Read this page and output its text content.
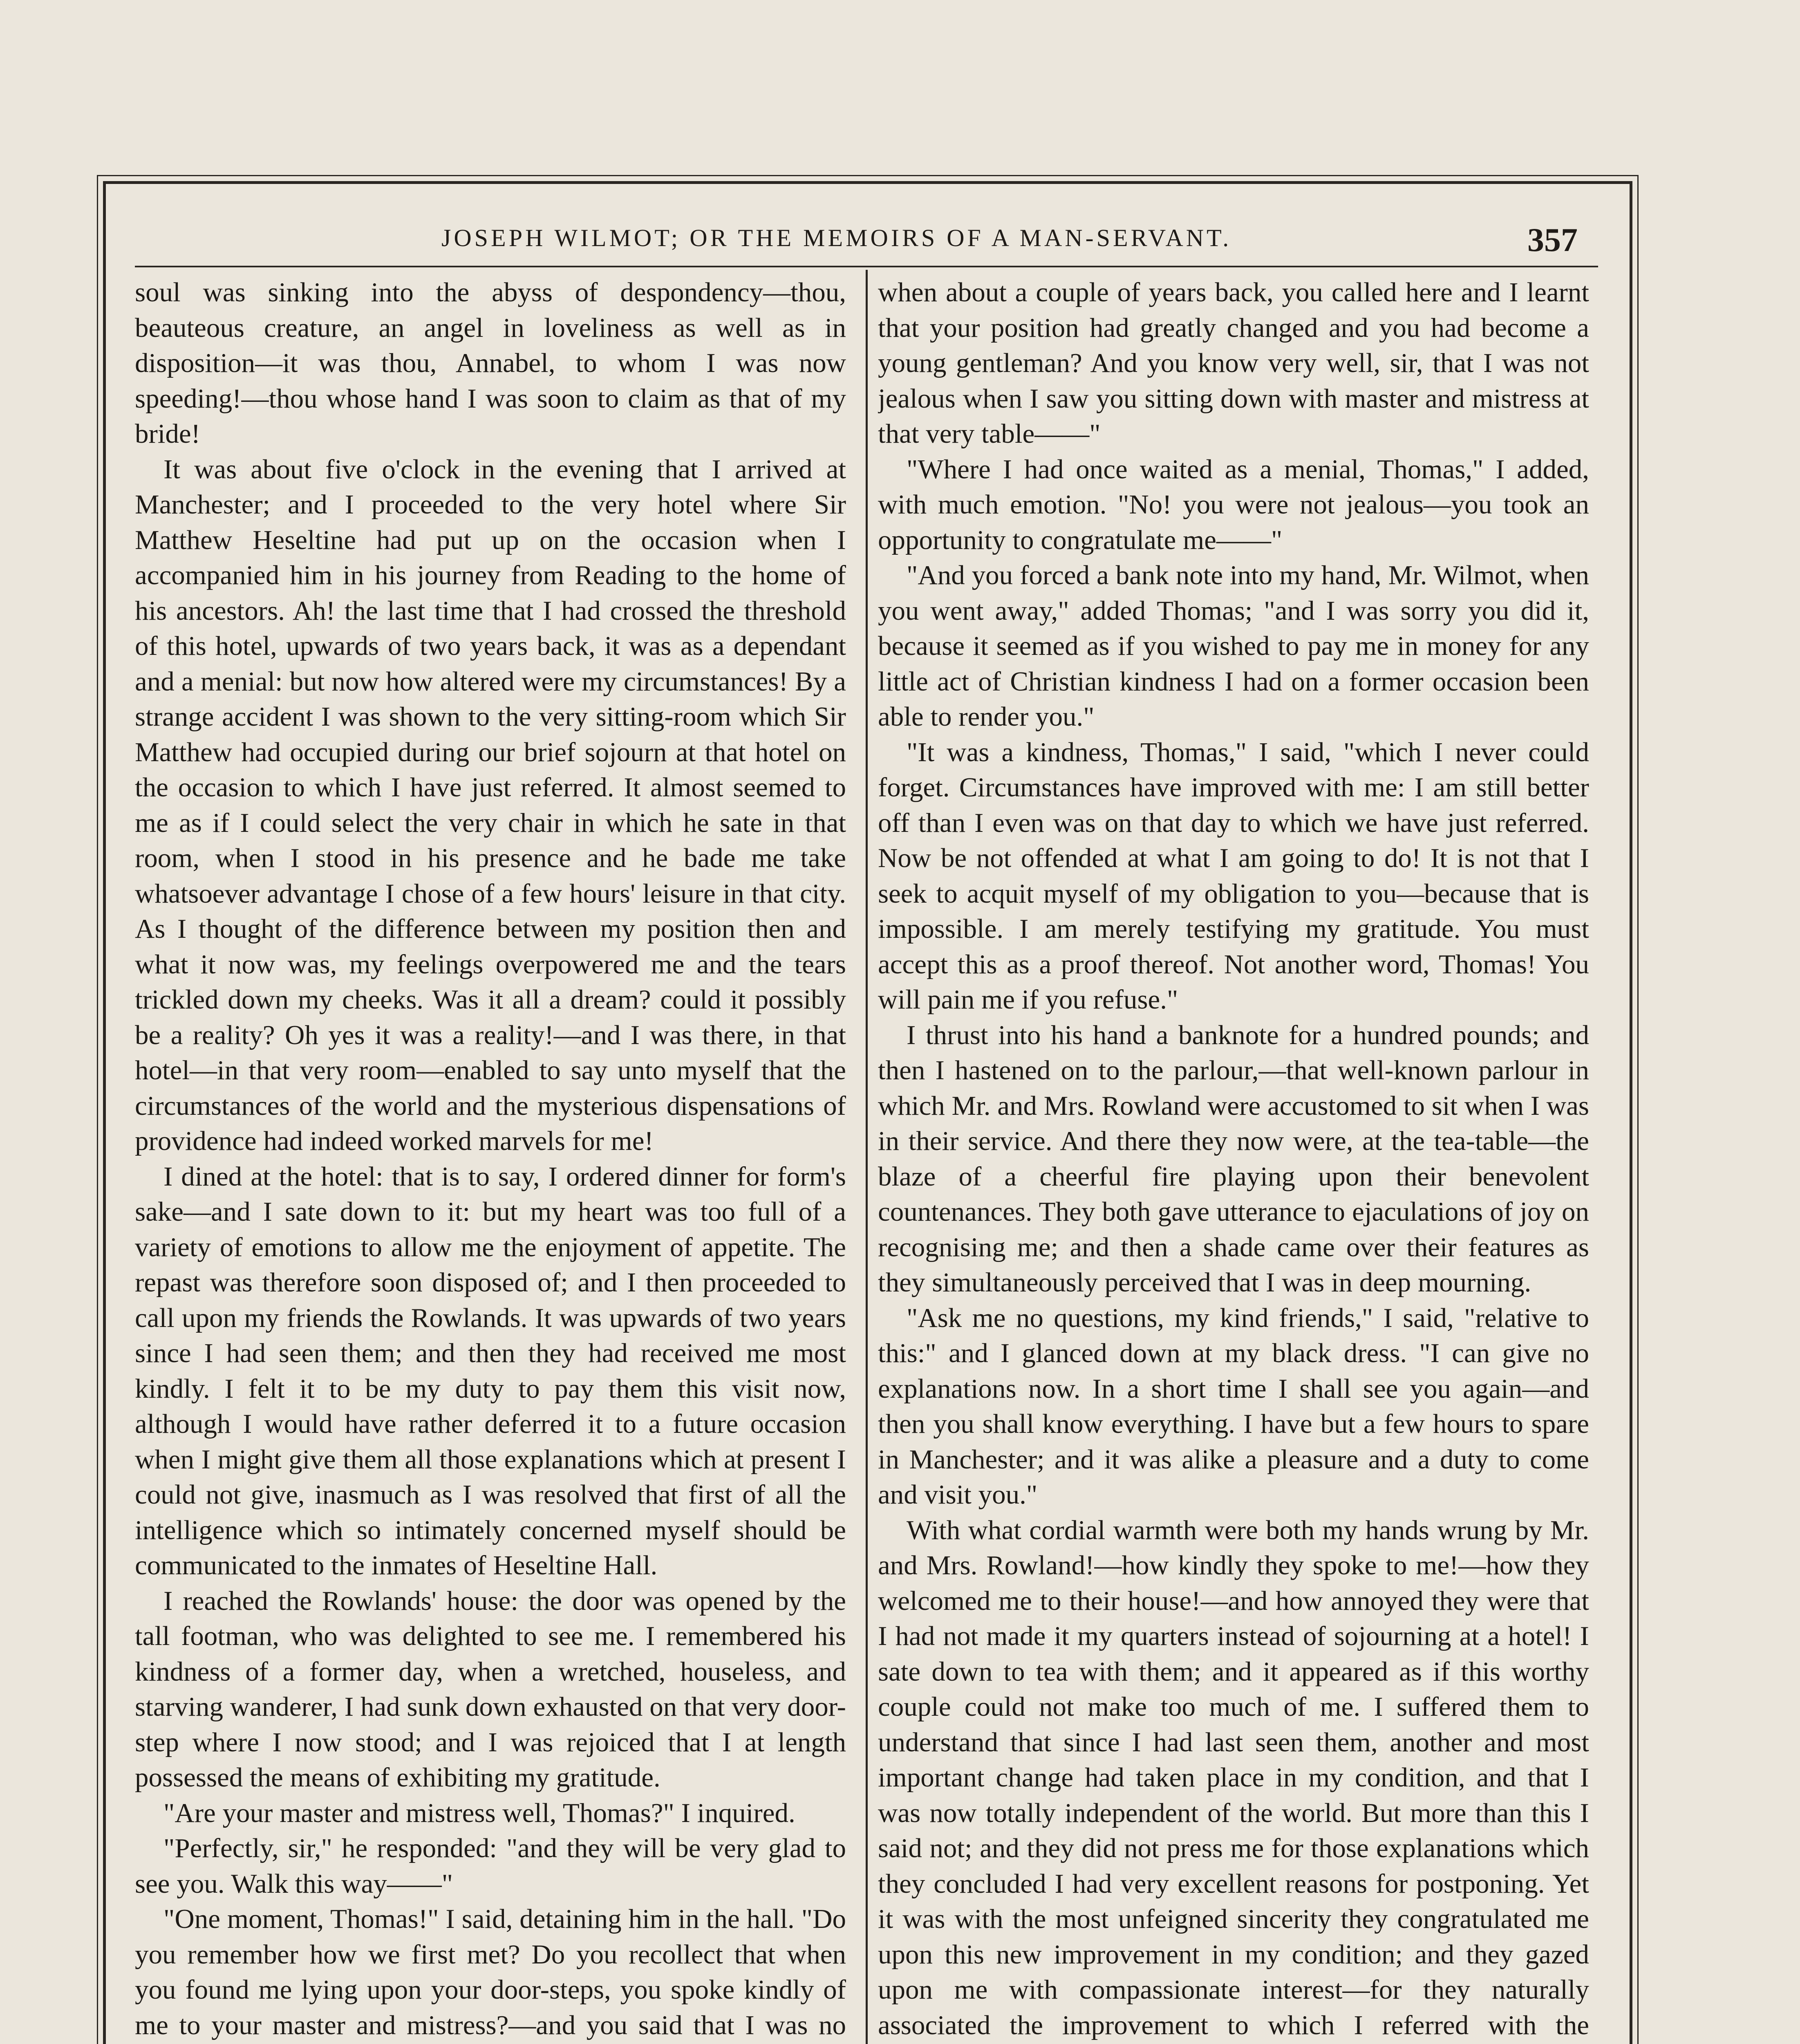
JOSEPH WILMOT; OR THE MEMOIRS OF A MAN-SERVANT.	357

soul was sinking into the abyss of despondency—thou, beauteous creature, an angel in loveliness as well as in disposition—it was thou, Annabel, to whom I was now speeding!—thou whose hand I was soon to claim as that of my bride!

It was about five o'clock in the evening that I arrived at Manchester; and I proceeded to the very hotel where Sir Matthew Heseltine had put up on the occasion when I accompanied him in his journey from Reading to the home of his ancestors. Ah! the last time that I had crossed the threshold of this hotel, upwards of two years back, it was as a dependant and a menial: but now how altered were my circumstances! By a strange accident I was shown to the very sitting-room which Sir Matthew had occupied during our brief sojourn at that hotel on the occasion to which I have just referred. It almost seemed to me as if I could select the very chair in which he sate in that room, when I stood in his presence and he bade me take whatsoever advantage I chose of a few hours' leisure in that city. As I thought of the difference between my position then and what it now was, my feelings overpowered me and the tears trickled down my cheeks. Was it all a dream? could it possibly be a reality? Oh yes it was a reality!—and I was there, in that hotel—in that very room—enabled to say unto myself that the circumstances of the world and the mysterious dispensations of providence had indeed worked marvels for me!

I dined at the hotel: that is to say, I ordered dinner for form's sake—and I sate down to it: but my heart was too full of a variety of emotions to allow me the enjoyment of appetite. The repast was therefore soon disposed of; and I then proceeded to call upon my friends the Rowlands. It was upwards of two years since I had seen them; and then they had received me most kindly. I felt it to be my duty to pay them this visit now, although I would have rather deferred it to a future occasion when I might give them all those explanations which at present I could not give, inasmuch as I was resolved that first of all the intelligence which so intimately concerned myself should be communicated to the inmates of Heseltine Hall.

I reached the Rowlands' house: the door was opened by the tall footman, who was delighted to see me. I remembered his kindness of a former day, when a wretched, houseless, and starving wanderer, I had sunk down exhausted on that very door-step where I now stood; and I was rejoiced that I at length possessed the means of exhibiting my gratitude.

"Are your master and mistress well, Thomas?" I inquired.

"Perfectly, sir," he responded: "and they will be very glad to see you. Walk this way——"

"One moment, Thomas!" I said, detaining him in the hall. "Do you remember how we first met? Do you recollect that when you found me lying upon your door-steps, you spoke kindly of me to your master and mistress?—and you said that I was no

when about a couple of years back, you called here and I learnt that your position had greatly changed and you had become a young gentleman? And you know very well, sir, that I was not jealous when I saw you sitting down with master and mistress at that very table——"

"Where I had once waited as a menial, Thomas," I added, with much emotion. "No! you were not jealous—you took an opportunity to congratulate me——"

"And you forced a bank note into my hand, Mr. Wilmot, when you went away," added Thomas; "and I was sorry you did it, because it seemed as if you wished to pay me in money for any little act of Christian kindness I had on a former occasion been able to render you."

"It was a kindness, Thomas," I said, "which I never could forget. Circumstances have improved with me: I am still better off than I even was on that day to which we have just referred. Now be not offended at what I am going to do! It is not that I seek to acquit myself of my obligation to you—because that is impossible. I am merely testifying my gratitude. You must accept this as a proof thereof. Not another word, Thomas! You will pain me if you refuse."

I thrust into his hand a banknote for a hundred pounds; and then I hastened on to the parlour,—that well-known parlour in which Mr. and Mrs. Rowland were accustomed to sit when I was in their service. And there they now were, at the tea-table—the blaze of a cheerful fire playing upon their benevolent countenances. They both gave utterance to ejaculations of joy on recognising me; and then a shade came over their features as they simultaneously perceived that I was in deep mourning.

"Ask me no questions, my kind friends," I said, "relative to this:" and I glanced down at my black dress. "I can give no explanations now. In a short time I shall see you again—and then you shall know everything. I have but a few hours to spare in Manchester; and it was alike a pleasure and a duty to come and visit you."

With what cordial warmth were both my hands wrung by Mr. and Mrs. Rowland!—how kindly they spoke to me!—how they welcomed me to their house!—and how annoyed they were that I had not made it my quarters instead of sojourning at a hotel! I sate down to tea with them; and it appeared as if this worthy couple could not make too much of me. I suffered them to understand that since I had last seen them, another and most important change had taken place in my condition, and that I was now totally independent of the world. But more than this I said not; and they did not press me for those explanations which they concluded I had very excellent reasons for postponing. Yet it was with the most unfeigned sincerity they congratulated me upon this new improvement in my condition; and they gazed upon me with compassionate interest—for they naturally associated the improvement to which I referred with the
